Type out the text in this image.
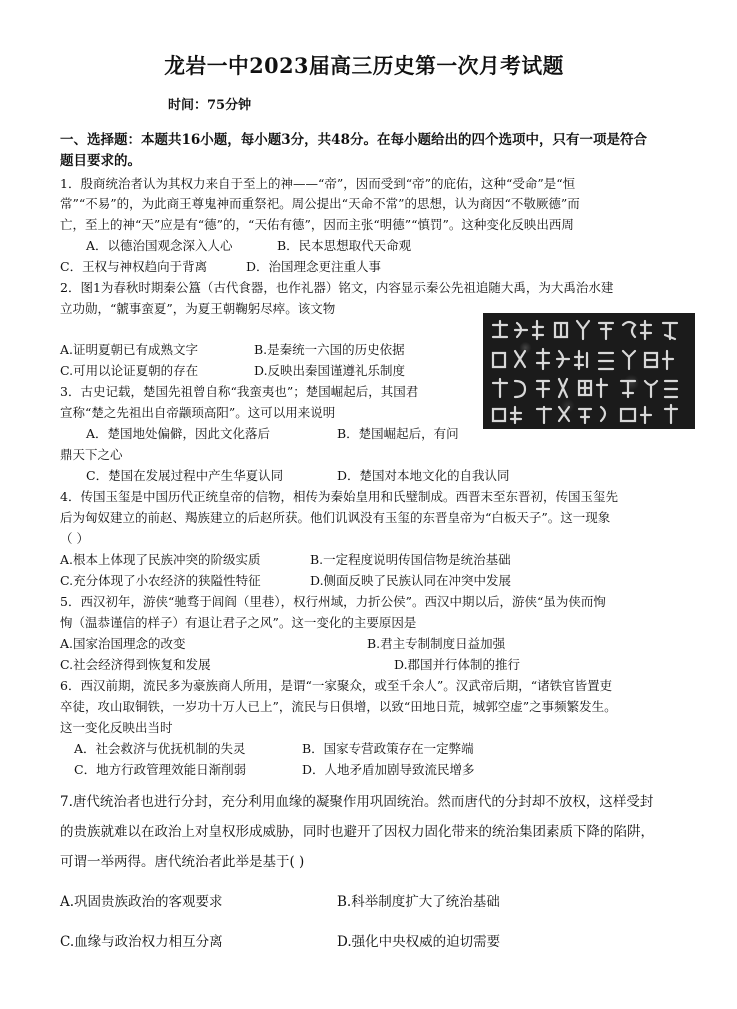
龙岩一中2023届高三历史第一次月考试题
时间：75分钟
一、选择题：本题共16小题，每小题3分，共48分。在每小题给出的四个选项中，只有一项是符合
题目要求的。
1．殷商统治者认为其权力来自于至上的神——“帝”，因而受到“帝”的庇佑，这种“受命”是“恒
常”“不易”的，为此商王尊鬼神而重祭祀。周公提出“天命不常”的思想，认为商因“不敬厥德”而
亡，至上的神“天”应是有“德”的，“天佑有德”，因而主张“明德”“慎罚”。这种变化反映出西周
A．以德治国观念深入人心	B．民本思想取代天命观
C．王权与神权趋向于背离	D．治国理念更注重人事
2．图1为春秋时期秦公簋（古代食器，也作礼器）铭文，内容显示秦公先祖追随大禹，为大禹治水建
立功勋，“虩事蛮夏”，为夏王朝鞠躬尽瘁。该文物
A.证明夏朝已有成熟文字	B.是秦统一六国的历史依据
C.可用以论证夏朝的存在	D.反映出秦国谨遵礼乐制度
3．古史记载，楚国先祖曾自称“我蛮夷也”；楚国崛起后，其国君
宣称“楚之先祖出自帝颛顼高阳”。这可以用来说明
A．楚国地处偏僻，因此文化落后	B．楚国崛起后，有问
鼎天下之心
C．楚国在发展过程中产生华夏认同	D．楚国对本地文化的自我认同
4．传国玉玺是中国历代正统皇帝的信物，相传为秦始皇用和氏璧制成。西晋末至东晋初，传国玉玺先
后为匈奴建立的前赵、羯族建立的后赵所获。他们讥讽没有玉玺的东晋皇帝为“白板天子”。这一现象
（ ）
A.根本上体现了民族冲突的阶级实质	B.一定程度说明传国信物是统治基础
C.充分体现了小农经济的狭隘性特征	D.侧面反映了民族认同在冲突中发展
5．西汉初年，游侠“驰骛于闾阎（里巷），权行州域，力折公侯”。西汉中期以后，游侠“虽为侠而恂
恂（温恭谨信的样子）有退让君子之风”。这一变化的主要原因是
A.国家治国理念的改变	B.君主专制制度日益加强
C.社会经济得到恢复和发展	D.郡国并行体制的推行
6．西汉前期，流民多为豪族商人所用，是谓“一家聚众，或至千余人”。汉武帝后期，“诸铁官皆置吏
卒徒，攻山取铜铁，一岁功十万人已上”，流民与日俱增，以致“田地日荒，城郭空虚”之事频繁发生。
这一变化反映出当时
A．社会救济与优抚机制的失灵	B．国家专营政策存在一定弊端
C．地方行政管理效能日渐削弱	D．人地矛盾加剧导致流民增多
7.唐代统治者也进行分封，充分利用血缘的凝聚作用巩固统治。然而唐代的分封却不放权，这样受封
的贵族就难以在政治上对皇权形成威胁，同时也避开了因权力固化带来的统治集团素质下降的陷阱，
可谓一举两得。唐代统治者此举是基于( )
A.巩固贵族政治的客观要求	B.科举制度扩大了统治基础
C.血缘与政治权力相互分离	D.强化中央权威的迫切需要
